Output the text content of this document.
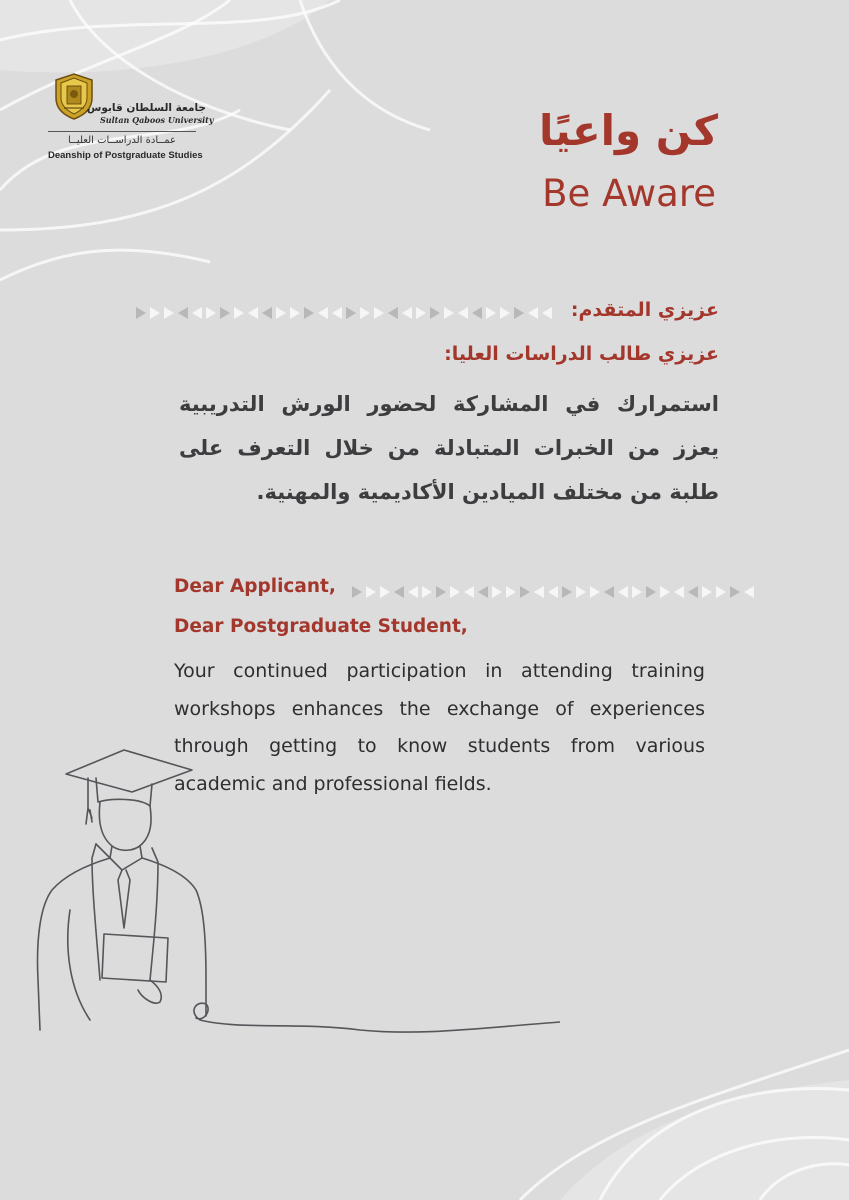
جامعة السلطان قابوس
Sultan Qaboos University
عمــادة الدراســات العليــا
Deanship of Postgraduate Studies
كن واعيًا
Be Aware
عزيزي المتقدم:
عزيزي طالب الدراسات العليا:
استمرارك في المشاركة لحضور الورش التدريبية يعزز من الخبرات المتبادلة من خلال التعرف على طلبة من مختلف الميادين الأكاديمية والمهنية.
Dear Applicant,
Dear Postgraduate Student,
Your continued participation in attending training workshops enhances the exchange of experiences through getting to know students from various academic and professional fields.
